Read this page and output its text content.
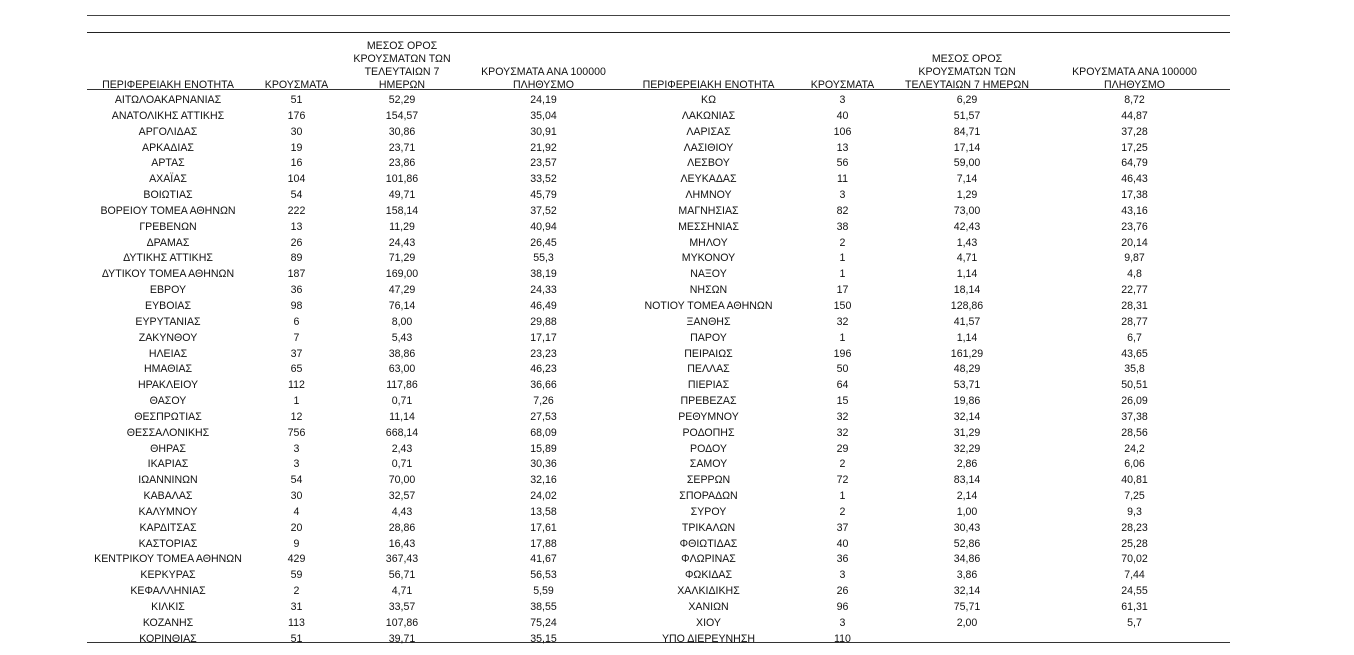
ΠΕΡΙΦΕΡΕΙΑΚΗ ΕΝΟΤΗΤΑ	ΚΡΟΥΣΜΑΤΑ	ΜΕΣΟΣ ΟΡΟΣ
ΚΡΟΥΣΜΑΤΩΝ ΤΩΝ
ΤΕΛΕΥΤΑΙΩΝ 7 ΗΜΕΡΩΝ	ΚΡΟΥΣΜΑΤΑ ΑΝΑ 100000
ΠΛΗΘΥΣΜΟ	ΠΕΡΙΦΕΡΕΙΑΚΗ ΕΝΟΤΗΤΑ	ΚΡΟΥΣΜΑΤΑ	ΜΕΣΟΣ ΟΡΟΣ
ΚΡΟΥΣΜΑΤΩΝ ΤΩΝ
ΤΕΛΕΥΤΑΙΩΝ 7 ΗΜΕΡΩΝ	ΚΡΟΥΣΜΑΤΑ ΑΝΑ 100000
ΠΛΗΘΥΣΜΟ

ΑΙΤΩΛΟΑΚΑΡΝΑΝΙΑΣ	51	52,29	24,19	ΚΩ	3	6,29	8,72
ΑΝΑΤΟΛΙΚΗΣ ΑΤΤΙΚΗΣ	176	154,57	35,04	ΛΑΚΩΝΙΑΣ	40	51,57	44,87
ΑΡΓΟΛΙΔΑΣ	30	30,86	30,91	ΛΑΡΙΣΑΣ	106	84,71	37,28
ΑΡΚΑΔΙΑΣ	19	23,71	21,92	ΛΑΣΙΘΙΟΥ	13	17,14	17,25
ΑΡΤΑΣ	16	23,86	23,57	ΛΕΣΒΟΥ	56	59,00	64,79
ΑΧΑΪΑΣ	104	101,86	33,52	ΛΕΥΚΑΔΑΣ	11	7,14	46,43
ΒΟΙΩΤΙΑΣ	54	49,71	45,79	ΛΗΜΝΟΥ	3	1,29	17,38
ΒΟΡΕΙΟΥ ΤΟΜΕΑ ΑΘΗΝΩΝ	222	158,14	37,52	ΜΑΓΝΗΣΙΑΣ	82	73,00	43,16
ΓΡΕΒΕΝΩΝ	13	11,29	40,94	ΜΕΣΣΗΝΙΑΣ	38	42,43	23,76
ΔΡΑΜΑΣ	26	24,43	26,45	ΜΗΛΟΥ	2	1,43	20,14
ΔΥΤΙΚΗΣ ΑΤΤΙΚΗΣ	89	71,29	55,3	ΜΥΚΟΝΟΥ	1	4,71	9,87
ΔΥΤΙΚΟΥ ΤΟΜΕΑ ΑΘΗΝΩΝ	187	169,00	38,19	ΝΑΞΟΥ	1	1,14	4,8
ΕΒΡΟΥ	36	47,29	24,33	ΝΗΣΩΝ	17	18,14	22,77
ΕΥΒΟΙΑΣ	98	76,14	46,49	ΝΟΤΙΟΥ ΤΟΜΕΑ ΑΘΗΝΩΝ	150	128,86	28,31
ΕΥΡΥΤΑΝΙΑΣ	6	8,00	29,88	ΞΑΝΘΗΣ	32	41,57	28,77
ΖΑΚΥΝΘΟΥ	7	5,43	17,17	ΠΑΡΟΥ	1	1,14	6,7
ΗΛΕΙΑΣ	37	38,86	23,23	ΠΕΙΡΑΙΩΣ	196	161,29	43,65
ΗΜΑΘΙΑΣ	65	63,00	46,23	ΠΕΛΛΑΣ	50	48,29	35,8
ΗΡΑΚΛΕΙΟΥ	112	117,86	36,66	ΠΙΕΡΙΑΣ	64	53,71	50,51
ΘΑΣΟΥ	1	0,71	7,26	ΠΡΕΒΕΖΑΣ	15	19,86	26,09
ΘΕΣΠΡΩΤΙΑΣ	12	11,14	27,53	ΡΕΘΥΜΝΟΥ	32	32,14	37,38
ΘΕΣΣΑΛΟΝΙΚΗΣ	756	668,14	68,09	ΡΟΔΟΠΗΣ	32	31,29	28,56
ΘΗΡΑΣ	3	2,43	15,89	ΡΟΔΟΥ	29	32,29	24,2
ΙΚΑΡΙΑΣ	3	0,71	30,36	ΣΑΜΟΥ	2	2,86	6,06
ΙΩΑΝΝΙΝΩΝ	54	70,00	32,16	ΣΕΡΡΩΝ	72	83,14	40,81
ΚΑΒΑΛΑΣ	30	32,57	24,02	ΣΠΟΡΑΔΩΝ	1	2,14	7,25
ΚΑΛΥΜΝΟΥ	4	4,43	13,58	ΣΥΡΟΥ	2	1,00	9,3
ΚΑΡΔΙΤΣΑΣ	20	28,86	17,61	ΤΡΙΚΑΛΩΝ	37	30,43	28,23
ΚΑΣΤΟΡΙΑΣ	9	16,43	17,88	ΦΘΙΩΤΙΔΑΣ	40	52,86	25,28
ΚΕΝΤΡΙΚΟΥ ΤΟΜΕΑ ΑΘΗΝΩΝ	429	367,43	41,67	ΦΛΩΡΙΝΑΣ	36	34,86	70,02
ΚΕΡΚΥΡΑΣ	59	56,71	56,53	ΦΩΚΙΔΑΣ	3	3,86	7,44
ΚΕΦΑΛΛΗΝΙΑΣ	2	4,71	5,59	ΧΑΛΚΙΔΙΚΗΣ	26	32,14	24,55
ΚΙΛΚΙΣ	31	33,57	38,55	ΧΑΝΙΩΝ	96	75,71	61,31
ΚΟΖΑΝΗΣ	113	107,86	75,24	ΧΙΟΥ	3	2,00	5,7
ΚΟΡΙΝΘΙΑΣ	51	39,71	35,15	ΥΠΟ ΔΙΕΡΕΥΝΗΣΗ	110		
